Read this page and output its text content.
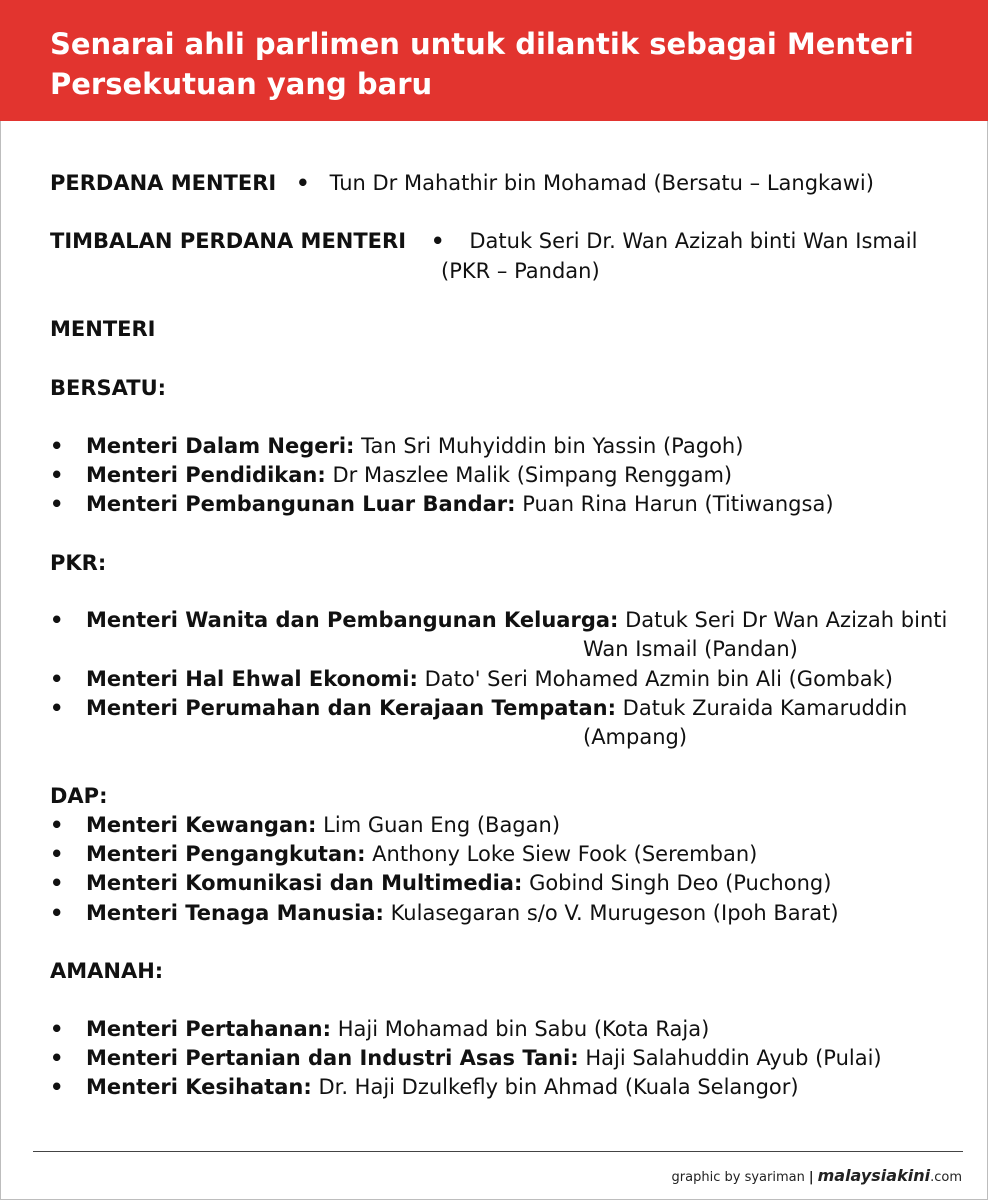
Senarai ahli parlimen untuk dilantik sebagai Menteri
Persekutuan yang baru
PERDANA MENTERI • Tun Dr Mahathir bin Mohamad (Bersatu – Langkawi)
TIMBALAN PERDANA MENTERI • Datuk Seri Dr. Wan Azizah binti Wan Ismail
(PKR – Pandan)
MENTERI
BERSATU:
•	Menteri Dalam Negeri: Tan Sri Muhyiddin bin Yassin (Pagoh)
•	Menteri Pendidikan: Dr Maszlee Malik (Simpang Renggam)
•	Menteri Pembangunan Luar Bandar: Puan Rina Harun (Titiwangsa)
PKR:
•	Menteri Wanita dan Pembangunan Keluarga: Datuk Seri Dr Wan Azizah binti
Wan Ismail (Pandan)
•	Menteri Hal Ehwal Ekonomi: Dato' Seri Mohamed Azmin bin Ali (Gombak)
•	Menteri Perumahan dan Kerajaan Tempatan: Datuk Zuraida Kamaruddin
(Ampang)
DAP:
•	Menteri Kewangan: Lim Guan Eng (Bagan)
•	Menteri Pengangkutan: Anthony Loke Siew Fook (Seremban)
•	Menteri Komunikasi dan Multimedia: Gobind Singh Deo (Puchong)
•	Menteri Tenaga Manusia: Kulasegaran s/o V. Murugeson (Ipoh Barat)
AMANAH:
•	Menteri Pertahanan: Haji Mohamad bin Sabu (Kota Raja)
•	Menteri Pertanian dan Industri Asas Tani: Haji Salahuddin Ayub (Pulai)
•	Menteri Kesihatan: Dr. Haji Dzulkefly bin Ahmad (Kuala Selangor)
graphic by syariman | malaysiakini.com
